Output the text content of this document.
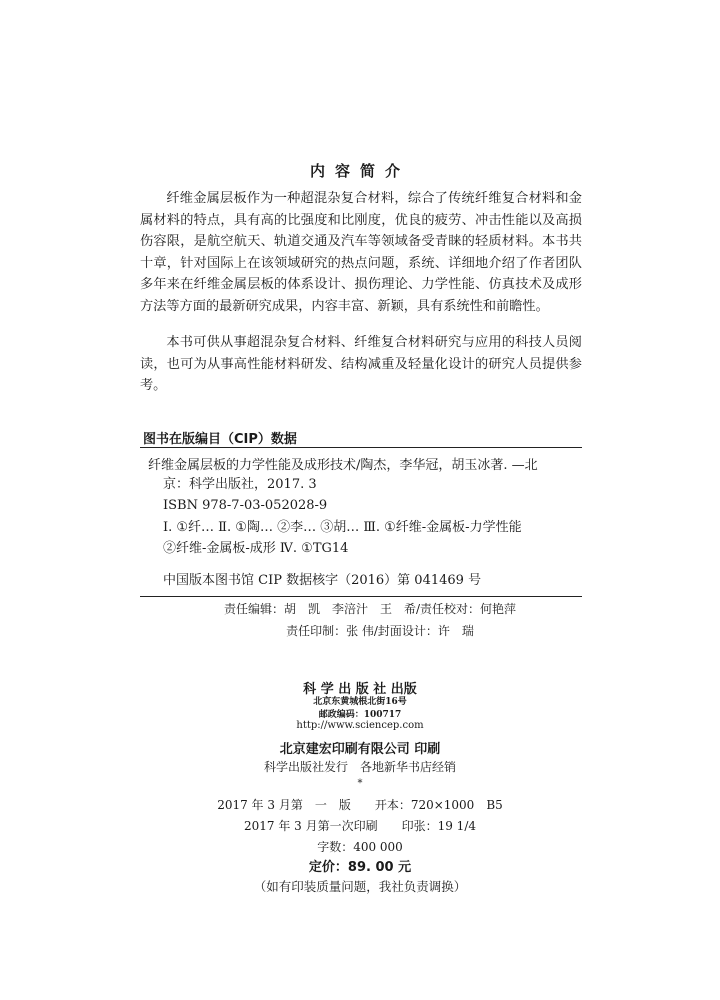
内容简介

纤维金属层板作为一种超混杂复合材料，综合了传统纤维复合材料和金属材料的特点，具有高的比强度和比刚度，优良的疲劳、冲击性能以及高损伤容限，是航空航天、轨道交通及汽车等领域备受青睐的轻质材料。本书共十章，针对国际上在该领域研究的热点问题，系统、详细地介绍了作者团队多年来在纤维金属层板的体系设计、损伤理论、力学性能、仿真技术及成形方法等方面的最新研究成果，内容丰富、新颖，具有系统性和前瞻性。

本书可供从事超混杂复合材料、纤维复合材料研究与应用的科技人员阅读，也可为从事高性能材料研发、结构减重及轻量化设计的研究人员提供参考。

图书在版编目（CIP）数据
纤维金属层板的力学性能及成形技术/陶杰，李华冠，胡玉冰著. —北
京：科学出版社，2017. 3
ISBN 978-7-03-052028-9
Ⅰ. ①纤… Ⅱ. ①陶… ②李… ③胡… Ⅲ. ①纤维-金属板-力学性能
②纤维-金属板-成形 Ⅳ. ①TG14
中国版本图书馆 CIP 数据核字（2016）第 041469 号
责任编辑：胡　凯　李涪汁　王　希/责任校对：何艳萍
责任印制：张 伟/封面设计：许　瑞
科 学 出 版 社 出版
北京东黄城根北街16号
邮政编码：100717
http://www.sciencep.com
北京建宏印刷有限公司 印刷
科学出版社发行　各地新华书店经销
*
2017 年 3 月第　一　版　　开本：720×1000　B5
2017 年 3 月第一次印刷　　印张：19 1/4
字数：400 000
定价：89. 00 元
（如有印装质量问题，我社负责调换）
